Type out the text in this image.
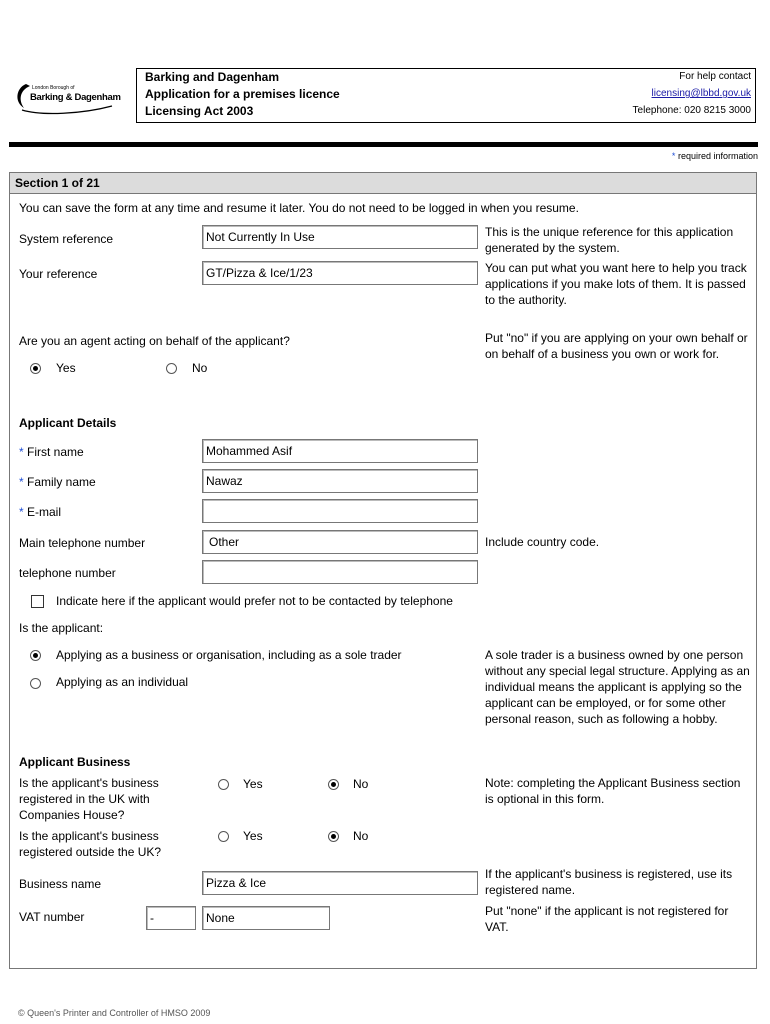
London Borough of
Barking & Dagenham
Barking and Dagenham
Application for a premises licence
Licensing Act 2003
For help contact
licensing@lbbd.gov.uk
Telephone: 020 8215 3000
* required information
Section 1 of 21
You can save the form at any time and resume it later. You do not need to be logged in when you resume.
System reference	Not Currently In Use	This is the unique reference for this application generated by the system.
Your reference	GT/Pizza & Ice/1/23	You can put what you want here to help you track applications if you make lots of them. It is passed to the authority.
Are you an agent acting on behalf of the applicant?
Yes	No
Put "no" if you are applying on your own behalf or on behalf of a business you own or work for.
Applicant Details
* First name	Mohammed Asif
* Family name	Nawaz
* E-mail
Main telephone number	Other	Include country code.
telephone number
Indicate here if the applicant would prefer not to be contacted by telephone
Is the applicant:
Applying as a business or organisation, including as a sole trader
Applying as an individual
A sole trader is a business owned by one person without any special legal structure. Applying as an individual means the applicant is applying so the applicant can be employed, or for some other personal reason, such as following a hobby.
Applicant Business
Is the applicant's business registered in the UK with Companies House?
Yes	No	Note: completing the Applicant Business section is optional in this form.
Is the applicant's business registered outside the UK?
Yes	No
Business name	Pizza & Ice
If the applicant's business is registered, use its registered name.
VAT number	-	None	Put "none" if the applicant is not registered for VAT.
© Queen's Printer and Controller of HMSO 2009
